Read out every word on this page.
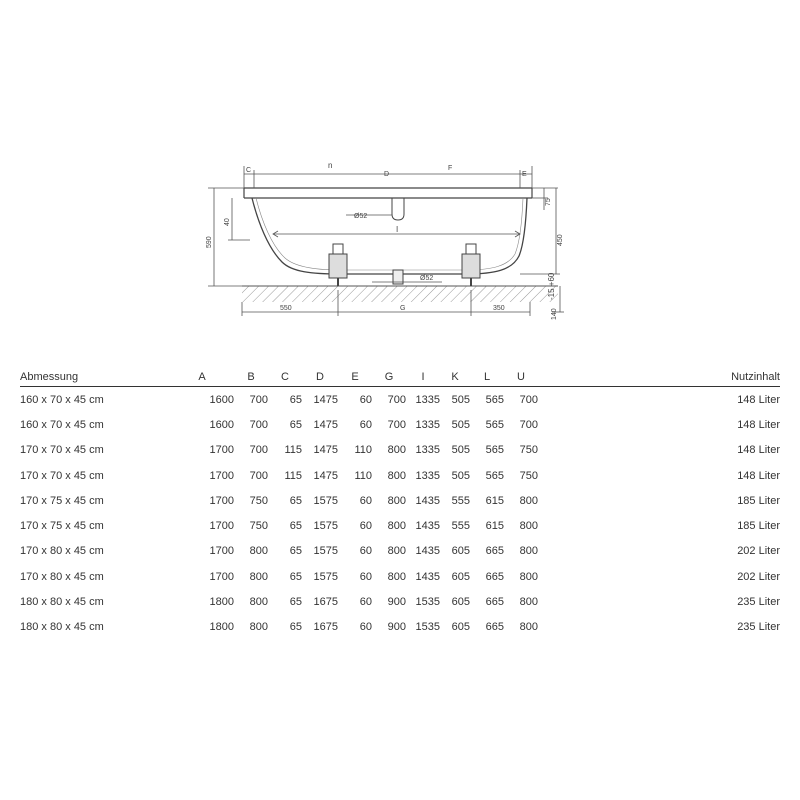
C
n
D
F
E
I
Ø52
Ø52
590
40
75
450
140
-15 +60
550	G	350
Abmessung	A	B	C	D	E	G	I	K	L	U	Nutzinhalt
160 x 70 x 45 cm	1600	700	65	1475	60	700	1335	505	565	700	148 Liter
160 x 70 x 45 cm	1600	700	65	1475	60	700	1335	505	565	700	148 Liter
170 x 70 x 45 cm	1700	700	115	1475	110	800	1335	505	565	750	148 Liter
170 x 70 x 45 cm	1700	700	115	1475	110	800	1335	505	565	750	148 Liter
170 x 75 x 45 cm	1700	750	65	1575	60	800	1435	555	615	800	185 Liter
170 x 75 x 45 cm	1700	750	65	1575	60	800	1435	555	615	800	185 Liter
170 x 80 x 45 cm	1700	800	65	1575	60	800	1435	605	665	800	202 Liter
170 x 80 x 45 cm	1700	800	65	1575	60	800	1435	605	665	800	202 Liter
180 x 80 x 45 cm	1800	800	65	1675	60	900	1535	605	665	800	235 Liter
180 x 80 x 45 cm	1800	800	65	1675	60	900	1535	605	665	800	235 Liter
